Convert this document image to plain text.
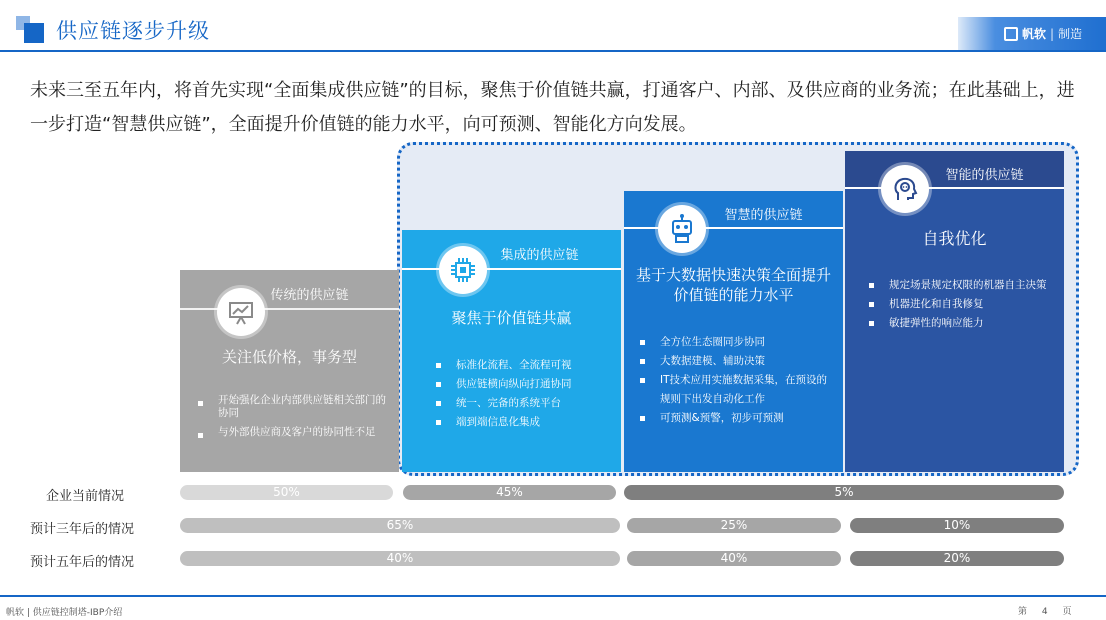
供应链逐步升级	帆软 | 制造
未来三至五年内，将首先实现“全面集成供应链”的目标，聚焦于价值链共赢，打通客户、内部、及供应商的业务流；在此基础上，进一步打造“智慧供应链”，全面提升价值链的能力水平，向可预测、智能化方向发展。
传统的供应链
关注低价格，事务型
开始强化企业内部供应链相关部门的协同
与外部供应商及客户的协同性不足
集成的供应链
聚焦于价值链共赢
标准化流程、全流程可视
供应链横向纵向打通协同
统一、完备的系统平台
端到端信息化集成
智慧的供应链
基于大数据快速决策全面提升价值链的能力水平
全方位生态圈同步协同
大数据建模、辅助决策
IT技术应用实施数据采集，在预设的规则下出发自动化工作
可预测&预警，初步可预测
智能的供应链
自我优化
规定场景规定权限的机器自主决策
机器进化和自我修复
敏捷弹性的响应能力
企业当前情况	50%	45%	5%
预计三年后的情况	65%	25%	10%
预计五年后的情况	40%	40%	20%
帆软 | 供应链控制塔-IBP介绍	第 4 页
